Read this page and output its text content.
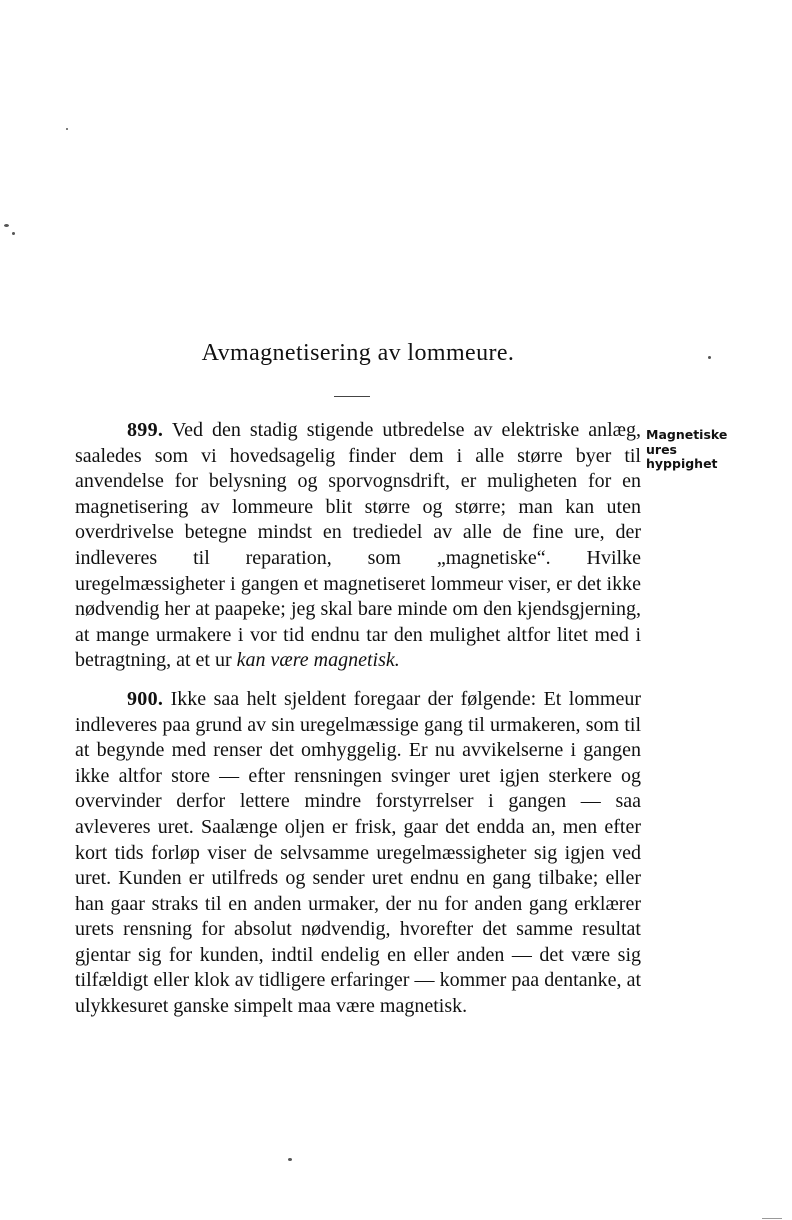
Avmagnetisering av lommeure.
Magnetiske
ures
hyppighet

899. Ved den stadig stigende utbredelse av elektriske anlæg, saaledes som vi hovedsagelig finder dem i alle større byer til anvendelse for belysning og sporvognsdrift, er muligheten for en magnetisering av lommeure blit større og større; man kan uten overdrivelse betegne mindst en trediedel av alle de fine ure, der indleveres til reparation, som „magnetiske“. Hvilke uregelmæssigheter i gangen et magnetiseret lommeur viser, er det ikke nødvendig her at paapeke; jeg skal bare minde om den kjendsgjerning, at mange urmakere i vor tid endnu tar den mulighet altfor litet med i betragtning, at et ur kan være magnetisk.

900. Ikke saa helt sjeldent foregaar der følgende: Et lommeur indleveres paa grund av sin uregelmæssige gang til urmakeren, som til at begynde med renser det omhyggelig. Er nu avvikelserne i gangen ikke altfor store — efter rensningen svinger uret igjen sterkere og overvinder derfor lettere mindre forstyrrelser i gangen — saa avleveres uret. Saalænge oljen er frisk, gaar det endda an, men efter kort tids forløp viser de selvsamme uregelmæssigheter sig igjen ved uret. Kunden er utilfreds og sender uret endnu en gang tilbake; eller han gaar straks til en anden urmaker, der nu for anden gang erklærer urets rensning for absolut nødvendig, hvorefter det samme resultat gjentar sig for kunden, indtil endelig en eller anden — det være sig tilfældigt eller klok av tidligere erfaringer — kommer paa dentanke, at ulykkesuret ganske simpelt maa være magnetisk.
